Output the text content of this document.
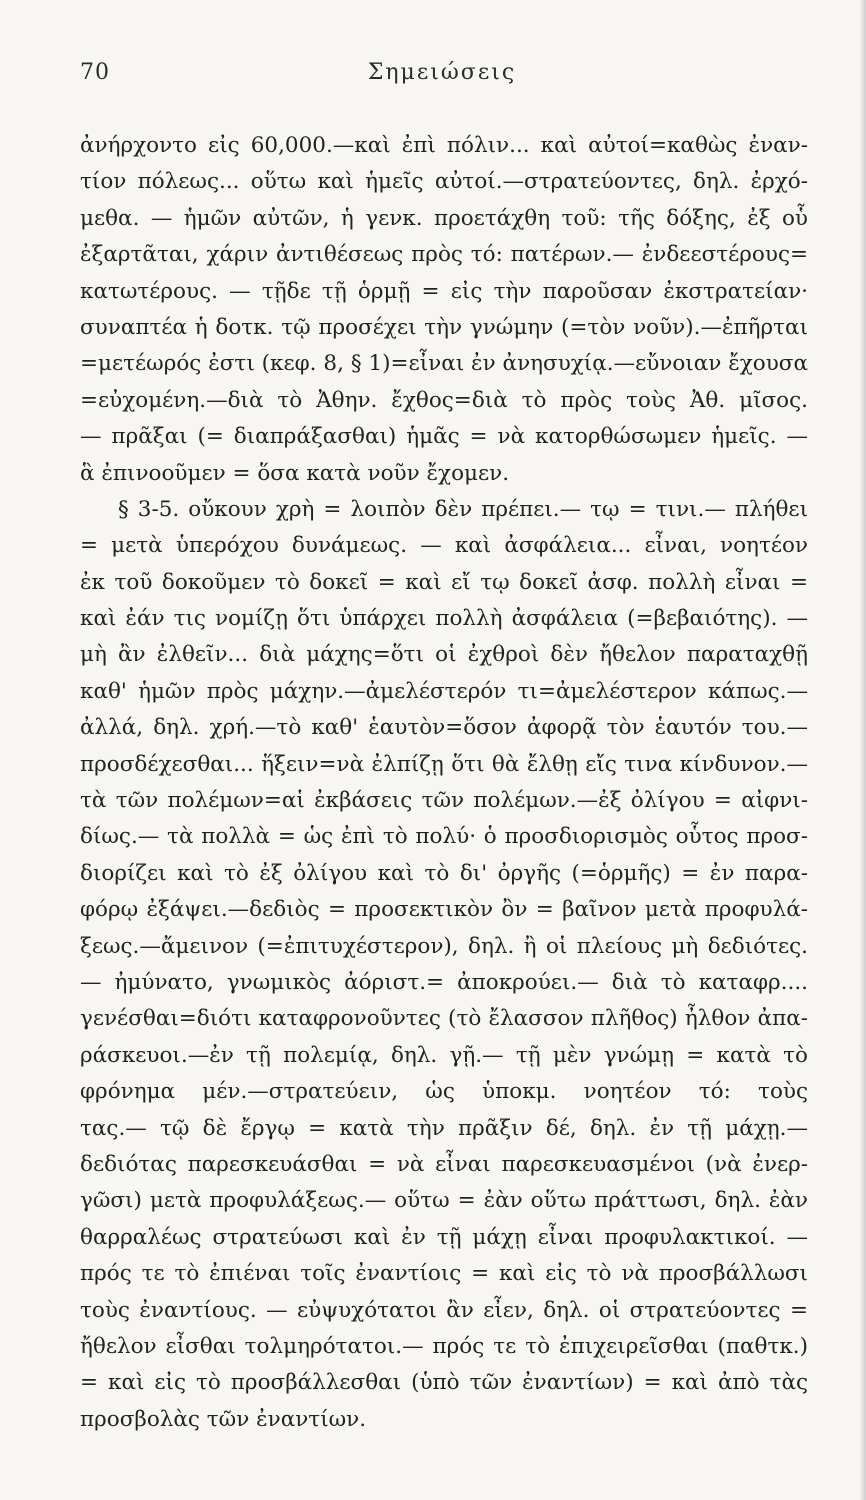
70	Σημειώσεις
ἀνήρχοντο εἰς 60,000.—καὶ ἐπὶ πόλιν... καὶ αὐτοί=καθὼς ἐναν-
τίον πόλεως... οὕτω καὶ ἡμεῖς αὐτοί.—στρατεύοντες, δηλ. ἐρχό-
μεθα. — ἡμῶν αὐτῶν, ἡ γενκ. προετάχθη τοῦ: τῆς δόξης, ἐξ οὗ
ἐξαρτᾶται, χάριν ἀντιθέσεως πρὸς τό: πατέρων.— ἐνδεεστέρους=
κατωτέρους. — τῇδε τῇ ὁρμῇ = εἰς τὴν παροῦσαν ἐκστρατείαν·
συναπτέα ἡ δοτκ. τῷ προσέχει τὴν γνώμην (=τὸν νοῦν).—ἐπῆρται
=μετέωρός ἐστι (κεφ. 8, § 1)=εἶναι ἐν ἀνησυχίᾳ.—εὔνοιαν ἔχουσα
=εὐχομένη.—διὰ τὸ Ἀθην. ἔχθος=διὰ τὸ πρὸς τοὺς Ἀθ. μῖσος.
— πρᾶξαι (= διαπράξασθαι) ἡμᾶς = νὰ κατορθώσωμεν ἡμεῖς. —
ἃ ἐπινοοῦμεν = ὅσα κατὰ νοῦν ἔχομεν.
§ 3-5. οὔκουν χρὴ = λοιπὸν δὲν πρέπει.— τῳ = τινι.— πλήθει
= μετὰ ὑπερόχου δυνάμεως. — καὶ ἀσφάλεια... εἶναι, νοητέον
ἐκ τοῦ δοκοῦμεν τὸ δοκεῖ = καὶ εἴ τῳ δοκεῖ ἀσφ. πολλὴ εἶναι =
καὶ ἐάν τις νομίζῃ ὅτι ὑπάρχει πολλὴ ἀσφάλεια (=βεβαιότης). —
μὴ ἂν ἐλθεῖν... διὰ μάχης=ὅτι οἱ ἐχθροὶ δὲν ἤθελον παραταχθῇ
καθ' ἡμῶν πρὸς μάχην.—ἀμελέστερόν τι=ἀμελέστερον κάπως.—
ἀλλά, δηλ. χρή.—τὸ καθ' ἑαυτὸν=ὅσον ἀφορᾷ τὸν ἑαυτόν του.—
προσδέχεσθαι... ἥξειν=νὰ ἐλπίζῃ ὅτι θὰ ἔλθῃ εἴς τινα κίνδυνον.—
τὰ τῶν πολέμων=αἱ ἐκβάσεις τῶν πολέμων.—ἐξ ὀλίγου = αἰφνι-
δίως.— τὰ πολλὰ = ὡς ἐπὶ τὸ πολύ· ὁ προσδιορισμὸς οὗτος προσ-
διορίζει καὶ τὸ ἐξ ὀλίγου καὶ τὸ δι' ὀργῆς (=ὁρμῆς) = ἐν παρα-
φόρῳ ἐξάψει.—δεδιὸς = προσεκτικὸν ὂν = βαῖνον μετὰ προφυλά-
ξεως.—ἄμεινον (=ἐπιτυχέστερον), δηλ. ἢ οἱ πλείους μὴ δεδιότες.
— ἠμύνατο, γνωμικὸς ἀόριστ.= ἀποκρούει.— διὰ τὸ καταφρ....
γενέσθαι=διότι καταφρονοῦντες (τὸ ἔλασσον πλῆθος) ἦλθον ἀπα-
ράσκευοι.—ἐν τῇ πολεμίᾳ, δηλ. γῇ.— τῇ μὲν γνώμῃ = κατὰ τὸ
φρόνημα μέν.—στρατεύειν, ὡς ὑποκμ. νοητέον τό: τοὺς
τας.— τῷ δὲ ἔργῳ = κατὰ τὴν πρᾶξιν δέ, δηλ. ἐν τῇ μάχῃ.—
δεδιότας παρεσκευάσθαι = νὰ εἶναι παρεσκευασμένοι (νὰ ἐνερ-
γῶσι) μετὰ προφυλάξεως.— οὕτω = ἐὰν οὕτω πράττωσι, δηλ. ἐὰν
θαρραλέως στρατεύωσι καὶ ἐν τῇ μάχῃ εἶναι προφυλακτικοί. —
πρός τε τὸ ἐπιέναι τοῖς ἐναντίοις = καὶ εἰς τὸ νὰ προσβάλλωσι
τοὺς ἐναντίους. — εὐψυχότατοι ἂν εἶεν, δηλ. οἱ στρατεύοντες =
ἤθελον εἶσθαι τολμηρότατοι.— πρός τε τὸ ἐπιχειρεῖσθαι (παθτκ.)
= καὶ εἰς τὸ προσβάλλεσθαι (ὑπὸ τῶν ἐναντίων) = καὶ ἀπὸ τὰς
προσβολὰς τῶν ἐναντίων.
